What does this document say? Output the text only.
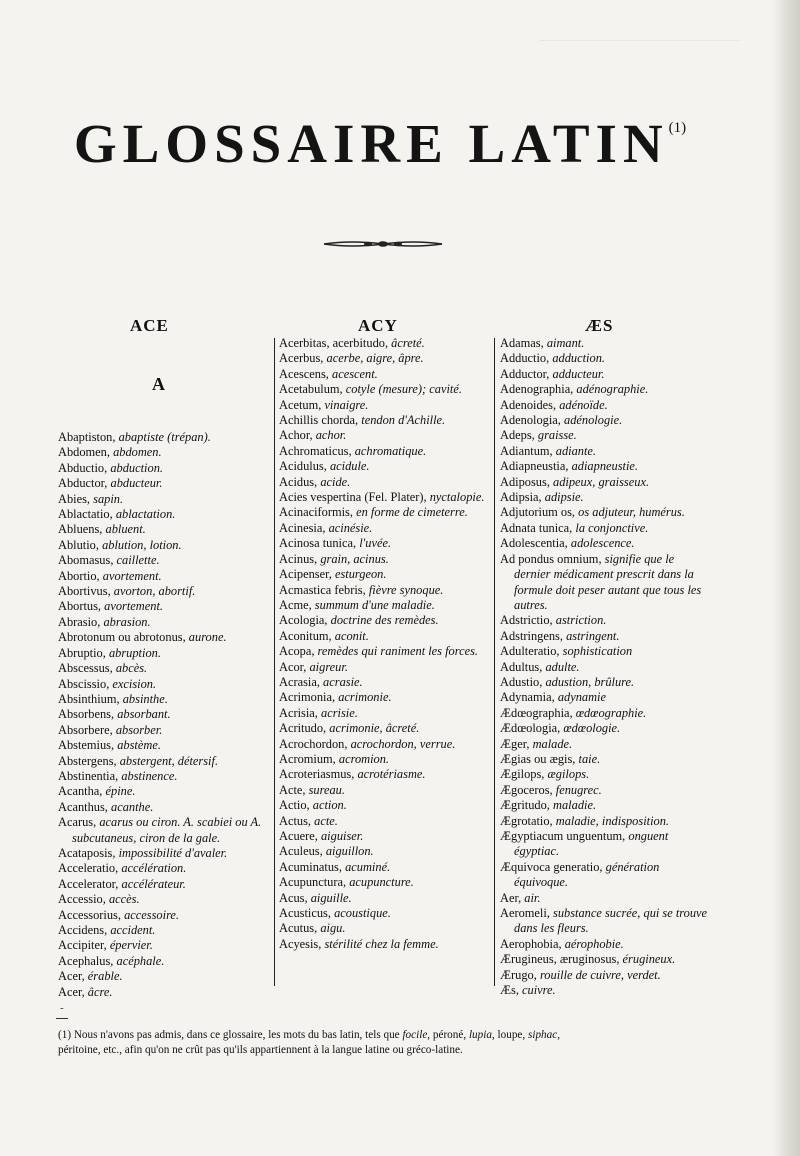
GLOSSAIRE LATIN$^{(1)}$
ACE	ACY	ÆS
A

Abaptiston, abaptiste (trépan).

Abdomen, abdomen.

Abductio, abduction.

Abductor, abducteur.

Abies, sapin.

Ablactatio, ablactation.

Abluens, abluent.

Ablutio, ablution, lotion.

Abomasus, caillette.

Abortio, avortement.

Abortivus, avorton, abortif.

Abortus, avortement.

Abrasio, abrasion.

Abrotonum ou abrotonus, aurone.

Abruptio, abruption.

Abscessus, abcès.

Abscissio, excision.

Absinthium, absinthe.

Absorbens, absorbant.

Absorbere, absorber.

Abstemius, abstème.

Abstergens, abstergent, détersif.

Abstinentia, abstinence.

Acantha, épine.

Acanthus, acanthe.

Acarus, acarus ou ciron. A. scabiei ou A. subcutaneus, ciron de la gale.

Acataposis, impossibilité d'avaler.

Acceleratio, accélération.

Accelerator, accélérateur.

Accessio, accès.

Accessorius, accessoire.

Accidens, accident.

Accipiter, épervier.

Acephalus, acéphale.

Acer, érable.

Acer, âcre.

Acerbitas, acerbitudo, âcreté.

Acerbus, acerbe, aigre, âpre.

Acescens, acescent.

Acetabulum, cotyle (mesure); cavité.

Acetum, vinaigre.

Achillis chorda, tendon d'Achille.

Achor, achor.

Achromaticus, achromatique.

Acidulus, acidule.

Acidus, acide.

Acies vespertina (Fel. Plater), nyctalopie.

Acinaciformis, en forme de cimeterre.

Acinesia, acinésie.

Acinosa tunica, l'uvée.

Acinus, grain, acinus.

Acipenser, esturgeon.

Acmastica febris, fièvre synoque.

Acme, summum d'une maladie.

Acologia, doctrine des remèdes.

Aconitum, aconit.

Acopa, remèdes qui raniment les forces.

Acor, aigreur.

Acrasia, acrasie.

Acrimonia, acrimonie.

Acrisia, acrisie.

Acritudo, acrimonie, âcreté.

Acrochordon, acrochordon, verrue.

Acromium, acromion.

Acroteriasmus, acrotériasme.

Acte, sureau.

Actio, action.

Actus, acte.

Acuere, aiguiser.

Aculeus, aiguillon.

Acuminatus, acuminé.

Acupunctura, acupuncture.

Acus, aiguille.

Acusticus, acoustique.

Acutus, aigu.

Acyesis, stérilité chez la femme.

Adamas, aimant.

Adductio, adduction.

Adductor, adducteur.

Adenographia, adénographie.

Adenoides, adénoïde.

Adenologia, adénologie.

Adeps, graisse.

Adiantum, adiante.

Adiapneustia, adiapneustie.

Adiposus, adipeux, graisseux.

Adipsia, adipsie.

Adjutorium os, os adjuteur, humérus.

Adnata tunica, la conjonctive.

Adolescentia, adolescence.

Ad pondus omnium, signifie que le dernier médicament prescrit dans la formule doit peser autant que tous les autres.

Adstrictio, astriction.

Adstringens, astringent.

Adulteratio, sophistication

Adultus, adulte.

Adustio, adustion, brûlure.

Adynamia, adynamie

Ædœographia, œdœographie.

Ædœologia, œdœologie.

Æger, malade.

Ægias ou ægis, taie.

Ægilops, ægilops.

Ægoceros, fenugrec.

Ægritudo, maladie.

Ægrotatio, maladie, indisposition.

Ægyptiacum unguentum, onguent égyptiac.

Æquivoca generatio, génération équivoque.

Aer, air.

Aeromeli, substance sucrée, qui se trouve dans les fleurs.

Aerophobia, aérophobie.

Ærugineus, æruginosus, érugineux.

Ærugo, rouille de cuivre, verdet.

Æs, cuivre.

-
(1) Nous n'avons pas admis, dans ce glossaire, les mots du bas latin, tels que focile, péroné, lupia, loupe, siphac,
péritoine, etc., afin qu'on ne crût pas qu'ils appartiennent à la langue latine ou gréco-latine.
